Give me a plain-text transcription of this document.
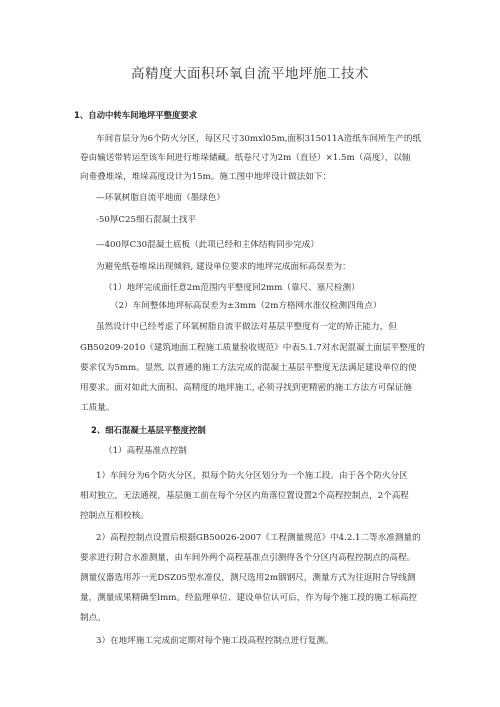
高精度大面积环氧自流平地坪施工技术
1、自动中转车间地坪平整度要求
车间首层分为6个防火分区，每区尺寸30mxl05m,面积315011A造纸车间所生产的纸
卷由输送带转运至该车间进行堆垛储藏。纸卷尺寸为2m（直径）×1.5m（高度），以轴
向垂叠堆垛，堆垛高度设计为15m。施工图中地坪设计做法如下：
—环氧树脂自流平地面（墨绿色）
-50厚C25细石混凝土找平
—400厚C30混凝土底板（此项已经和主体结构同步完成）
为避免纸卷堆垛出现倾斜, 建设单位要求的地坪完成面标高误差为：
（1）地坪完成面任意2m范围内平整度回2mm（靠尺、塞尺检测）
（2）车间整体地坪标高误差为±3mm（2m方格网水准仪检测四角点）
虽然设计中已经考虑了环氧树脂自流平做法对基层平整度有一定的矫正能力，但
GB50209-2010《建筑地面工程施工质量验收规范》中表5.1.7对水泥混凝土面层平整度的
要求仅为5mm。显然, 以普通的施工方法完成的混凝土基层平整度无法满足建设单位的使
用要求。面对如此大面积、高精度的地坪施工, 必须寻找到更精密的施工方法方可保证施
工质量。
2、细石混凝土基层平整度控制
（1）高程基准点控制
1）车间分为6个防火分区，拟每个防火分区划分为一个施工段。由于各个防火分区
相对独立，无法通视，基层施工前在每个分区内角落位置设置2个高程控制点，2个高程
控制点互相校核。
2）高程控制点设置后根据GB50026-2007《工程测量规范》中4.2.1二等水准测量的
要求进行附合水准测量，由车间外两个高程基准点引测得各个分区内高程控制点的高程。
测量仪器选用苏一光DSZ05型水准仪，测尺选用2m铟钢尺，测量方式为往返附合导线测
量，测量成果精确至lmm。经监理单位、建设单位认可后，作为每个施工段的施工标高控
制点。
3）在地坪施工完成前定期对每个施工段高程控制点进行复测。
